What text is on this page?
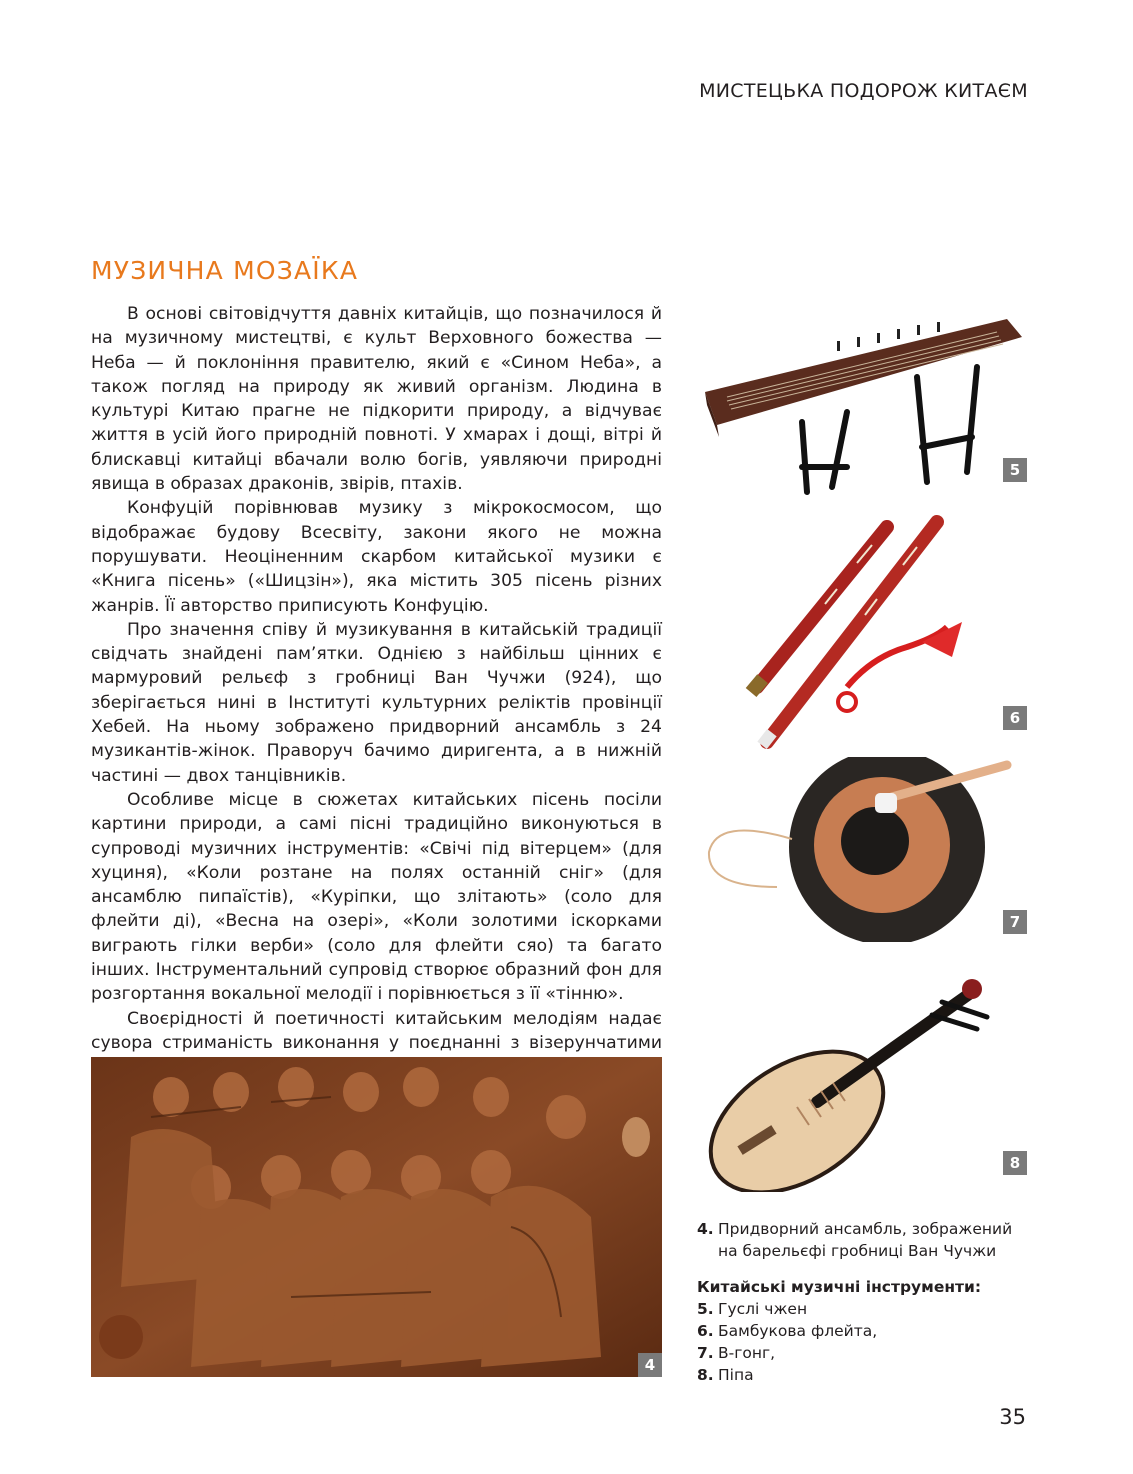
МИСТЕЦЬКА ПОДОРОЖ КИТАЄМ
МУЗИЧНА МОЗАЇКА

В основі світовідчуття давніх китайців, що позначилося й на музичному мистецтві, є культ Верховного божества — Неба — й поклоніння правителю, який є «Сином Неба», а також погляд на природу як живий організм. Людина в культурі Китаю прагне не підкорити природу, а відчуває життя в усій його природній повноті. У хмарах і дощі, вітрі й блискавці китайці вбачали волю богів, уявляючи природні явища в образах драконів, звірів, птахів.

Конфуцій порівнював музику з мікрокосмосом, що відображає будову Всесвіту, закони якого не можна порушувати. Неоціненним скарбом китайської музики є «Книга пісень» («Шицзін»), яка містить 305 пісень різних жанрів. Її авторство приписують Конфуцію.

Про значення співу й музикування в китайській традиції свідчать знайдені пам’ятки. Однією з найбільш цінних є мармуровий рельєф з гробниці Ван Чучжи (924), що зберігається нині в Інституті культурних реліктів провінції Хебей. На ньому зображено придворний ансамбль з 24 музикантів-жінок. Праворуч бачимо диригента, а в нижній частині — двох танцівників.

Особливе місце в сюжетах китайських пісень посіли картини природи, а самі пісні традиційно виконуються в супроводі музичних інструментів: «Свічі під вітерцем» (для хуциня), «Коли розтане на полях останній сніг» (для ансамблю пипаїстів), «Куріпки, що злітають» (соло для флейти ді), «Весна на озері», «Коли золотими іскорками виграють гілки верби» (соло для флейти сяо) та багато інших. Інструментальний супровід створює образний фон для розгортання вокальної мелодії і порівнюється з її «тінню».

Своєрідності й поетичності китайським мелодіям надає сувора стриманість виконання у поєднанні з візерунчатими

4
5
6
7
8
4. Придворний ансамбль, зображений на барельєфі гробниці Ван Чучжи
Китайські музичні інструменти:
5. Гуслі чжен
6. Бамбукова флейта,
7. В-гонг,
8. Піпа
35
